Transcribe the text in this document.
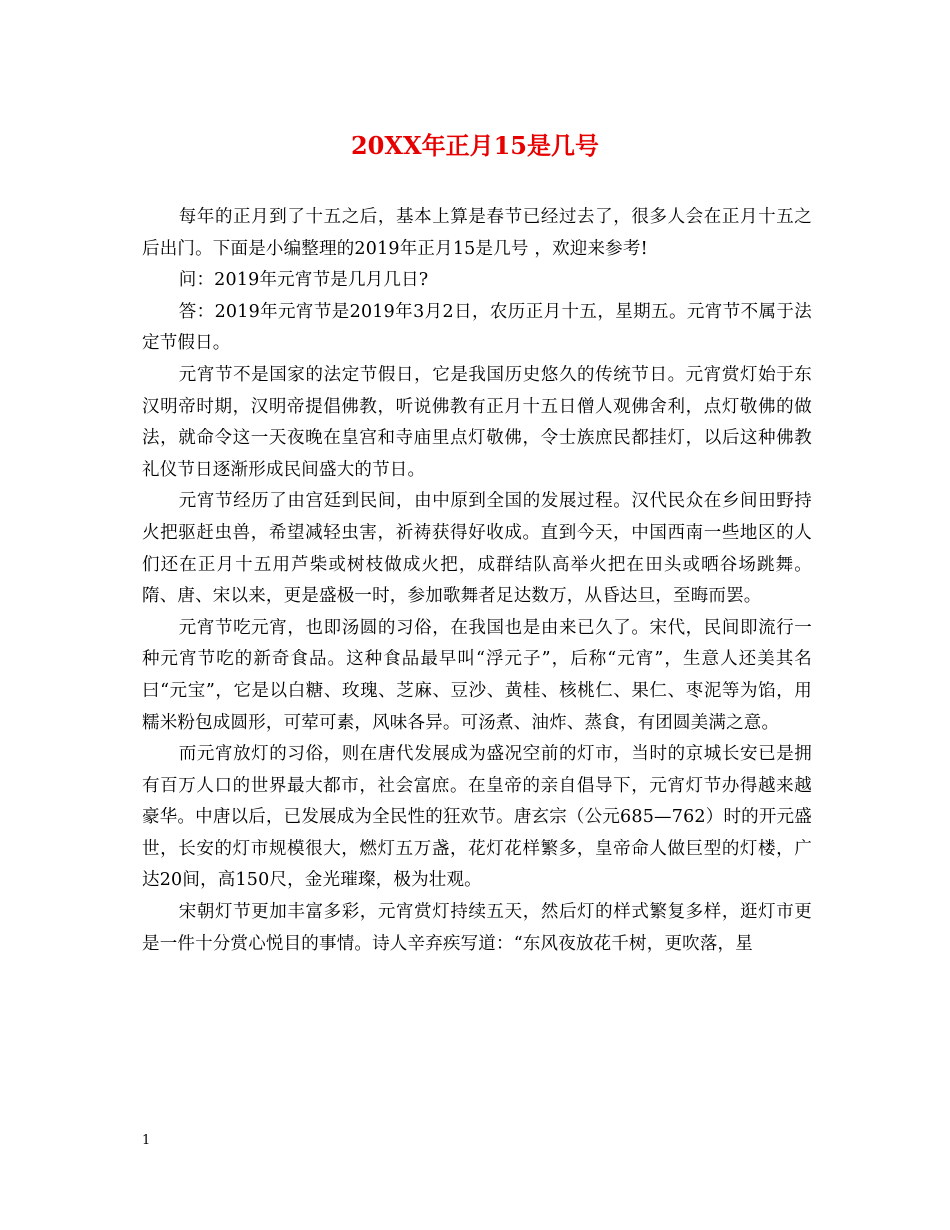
20XX年正月15是几号

每年的正月到了十五之后，基本上算是春节已经过去了，很多人会在正月十五之后出门。下面是小编整理的2019年正月15是几号 ，欢迎来参考!

问：2019年元宵节是几月几日?

答：2019年元宵节是2019年3月2日，农历正月十五，星期五。元宵节不属于法定节假日。

元宵节不是国家的法定节假日，它是我国历史悠久的传统节日。元宵赏灯始于东汉明帝时期，汉明帝提倡佛教，听说佛教有正月十五日僧人观佛舍利，点灯敬佛的做法，就命令这一天夜晚在皇宫和寺庙里点灯敬佛，令士族庶民都挂灯，以后这种佛教礼仪节日逐渐形成民间盛大的节日。

元宵节经历了由宫廷到民间，由中原到全国的发展过程。汉代民众在乡间田野持火把驱赶虫兽，希望减轻虫害，祈祷获得好收成。直到今天，中国西南一些地区的人们还在正月十五用芦柴或树枝做成火把，成群结队高举火把在田头或晒谷场跳舞。隋、唐、宋以来，更是盛极一时，参加歌舞者足达数万，从昏达旦，至晦而罢。

元宵节吃元宵，也即汤圆的习俗，在我国也是由来已久了。宋代，民间即流行一种元宵节吃的新奇食品。这种食品最早叫“浮元子”，后称“元宵”，生意人还美其名曰“元宝”，它是以白糖、玫瑰、芝麻、豆沙、黄桂、核桃仁、果仁、枣泥等为馅，用糯米粉包成圆形，可荤可素，风味各异。可汤煮、油炸、蒸食，有团圆美满之意。

而元宵放灯的习俗，则在唐代发展成为盛况空前的灯市，当时的京城长安已是拥有百万人口的世界最大都市，社会富庶。在皇帝的亲自倡导下，元宵灯节办得越来越豪华。中唐以后，已发展成为全民性的狂欢节。唐玄宗（公元685—762）时的开元盛世，长安的灯市规模很大，燃灯五万盏，花灯花样繁多，皇帝命人做巨型的灯楼，广达20间，高150尺，金光璀璨，极为壮观。

宋朝灯节更加丰富多彩，元宵赏灯持续五天，然后灯的样式繁复多样，逛灯市更是一件十分赏心悦目的事情。诗人辛弃疾写道：“东风夜放花千树，更吹落，星

1
